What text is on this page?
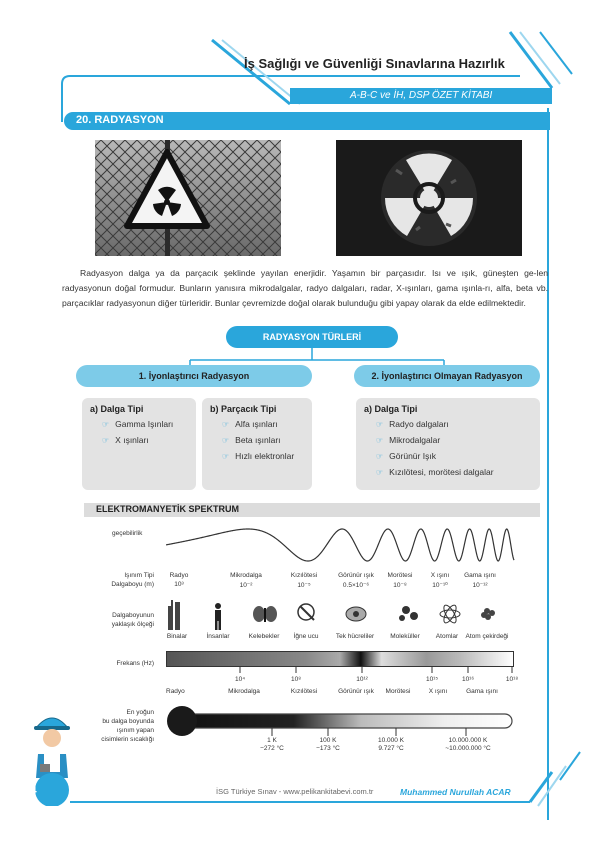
İş Sağlığı ve Güvenliği Sınavlarına Hazırlık
A-B-C ve İH, DSP ÖZET KİTABI
20. RADYASYON
Radyasyon dalga ya da parçacık şeklinde yayılan enerjidir. Yaşamın bir parçasıdır. Isı ve ışık, güneşten ge-len radyasyonun doğal formudur. Bunların yanısıra mikrodalgalar, radyo dalgaları, radar, X-ışınları, gama ışınla-rı, alfa, beta vb. parçacıklar radyasyonun diğer türleridir. Bunlar çevremizde doğal olarak bulunduğu gibi yapay olarak da elde edilmektedir.
RADYASYON TÜRLERİ
1. İyonlaştırıcı Radyasyon	2. İyonlaştırıcı Olmayan Radyasyon
a) Dalga Tipi
☞ Gamma Işınları
☞ X ışınları
b) Parçacık Tipi
☞ Alfa ışınları
☞ Beta ışınları
☞ Hızlı elektronlar
a) Dalga Tipi
☞ Radyo dalgaları
☞ Mikrodalgalar
☞ Görünür Işık
☞ Kızılötesi, morötesi dalgalar
ELEKTROMANYETİK SPEKTRUM
geçebilirlik
Işınım Tipi
Dalgaboyu (m)
Radyo
10³
Mikrodalga
10⁻²
Kızılötesi
10⁻⁵
Görünür ışık
0.5×10⁻⁶
Morötesi
10⁻⁸
X ışını
10⁻¹⁰
Gama ışını
10⁻¹²
Dalgaboyunun
yaklaşık ölçeği
Binalar	İnsanlar	Kelebekler	İğne ucu	Tek hücreliler	Moleküller	Atomlar	Atom çekirdeği
Frekans (Hz)
10⁴	10⁸	10¹²	10¹⁵	10¹⁶	10¹⁸
Radyo	Mikrodalga	Kızılötesi	Görünür ışık	Morötesi	X ışını	Gama ışını
En yoğun
bu dalga boyunda
ışınım yapan
cisimlerin sıcaklığı	1 K
−272 °C
100 K
−173 °C
10.000 K
9.727 °C
10.000.000 K
~10.000.000 °C
114	İSG Türkiye Sınav - www.pelikankitabevi.com.tr	Muhammed Nurullah ACAR
